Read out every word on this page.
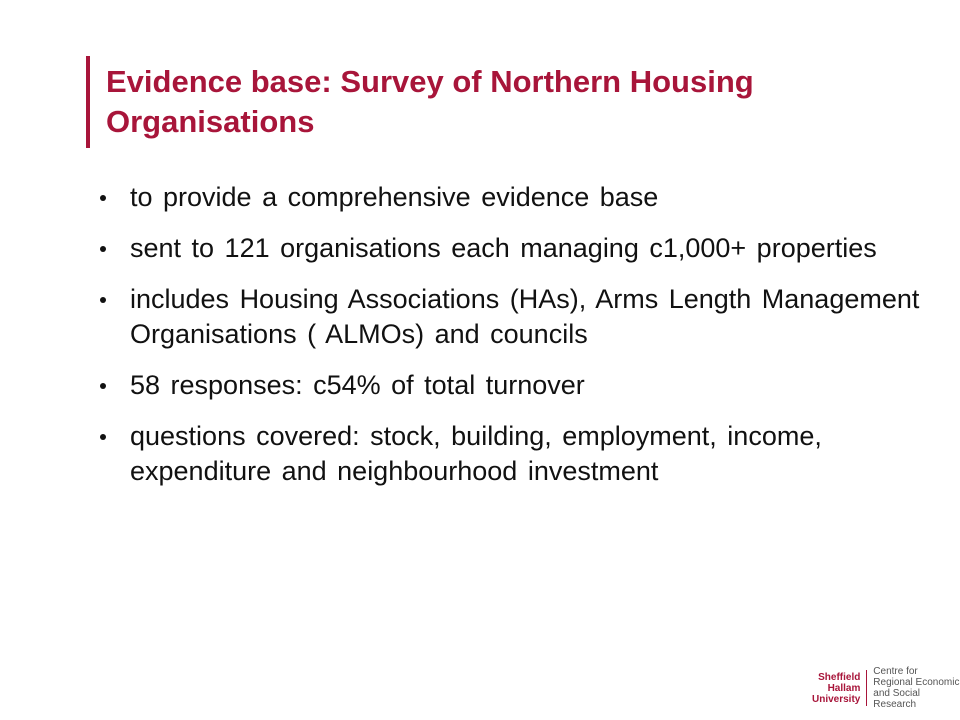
Evidence base: Survey of Northern Housing Organisations
to provide a comprehensive evidence base
sent to 121 organisations each managing c1,000+ properties
includes Housing Associations (HAs), Arms Length Management Organisations ( ALMOs) and councils
58 responses: c54% of total turnover
questions covered: stock, building, employment, income, expenditure and neighbourhood investment
Sheffield
Hallam
University
Centre for
Regional Economic
and Social Research
